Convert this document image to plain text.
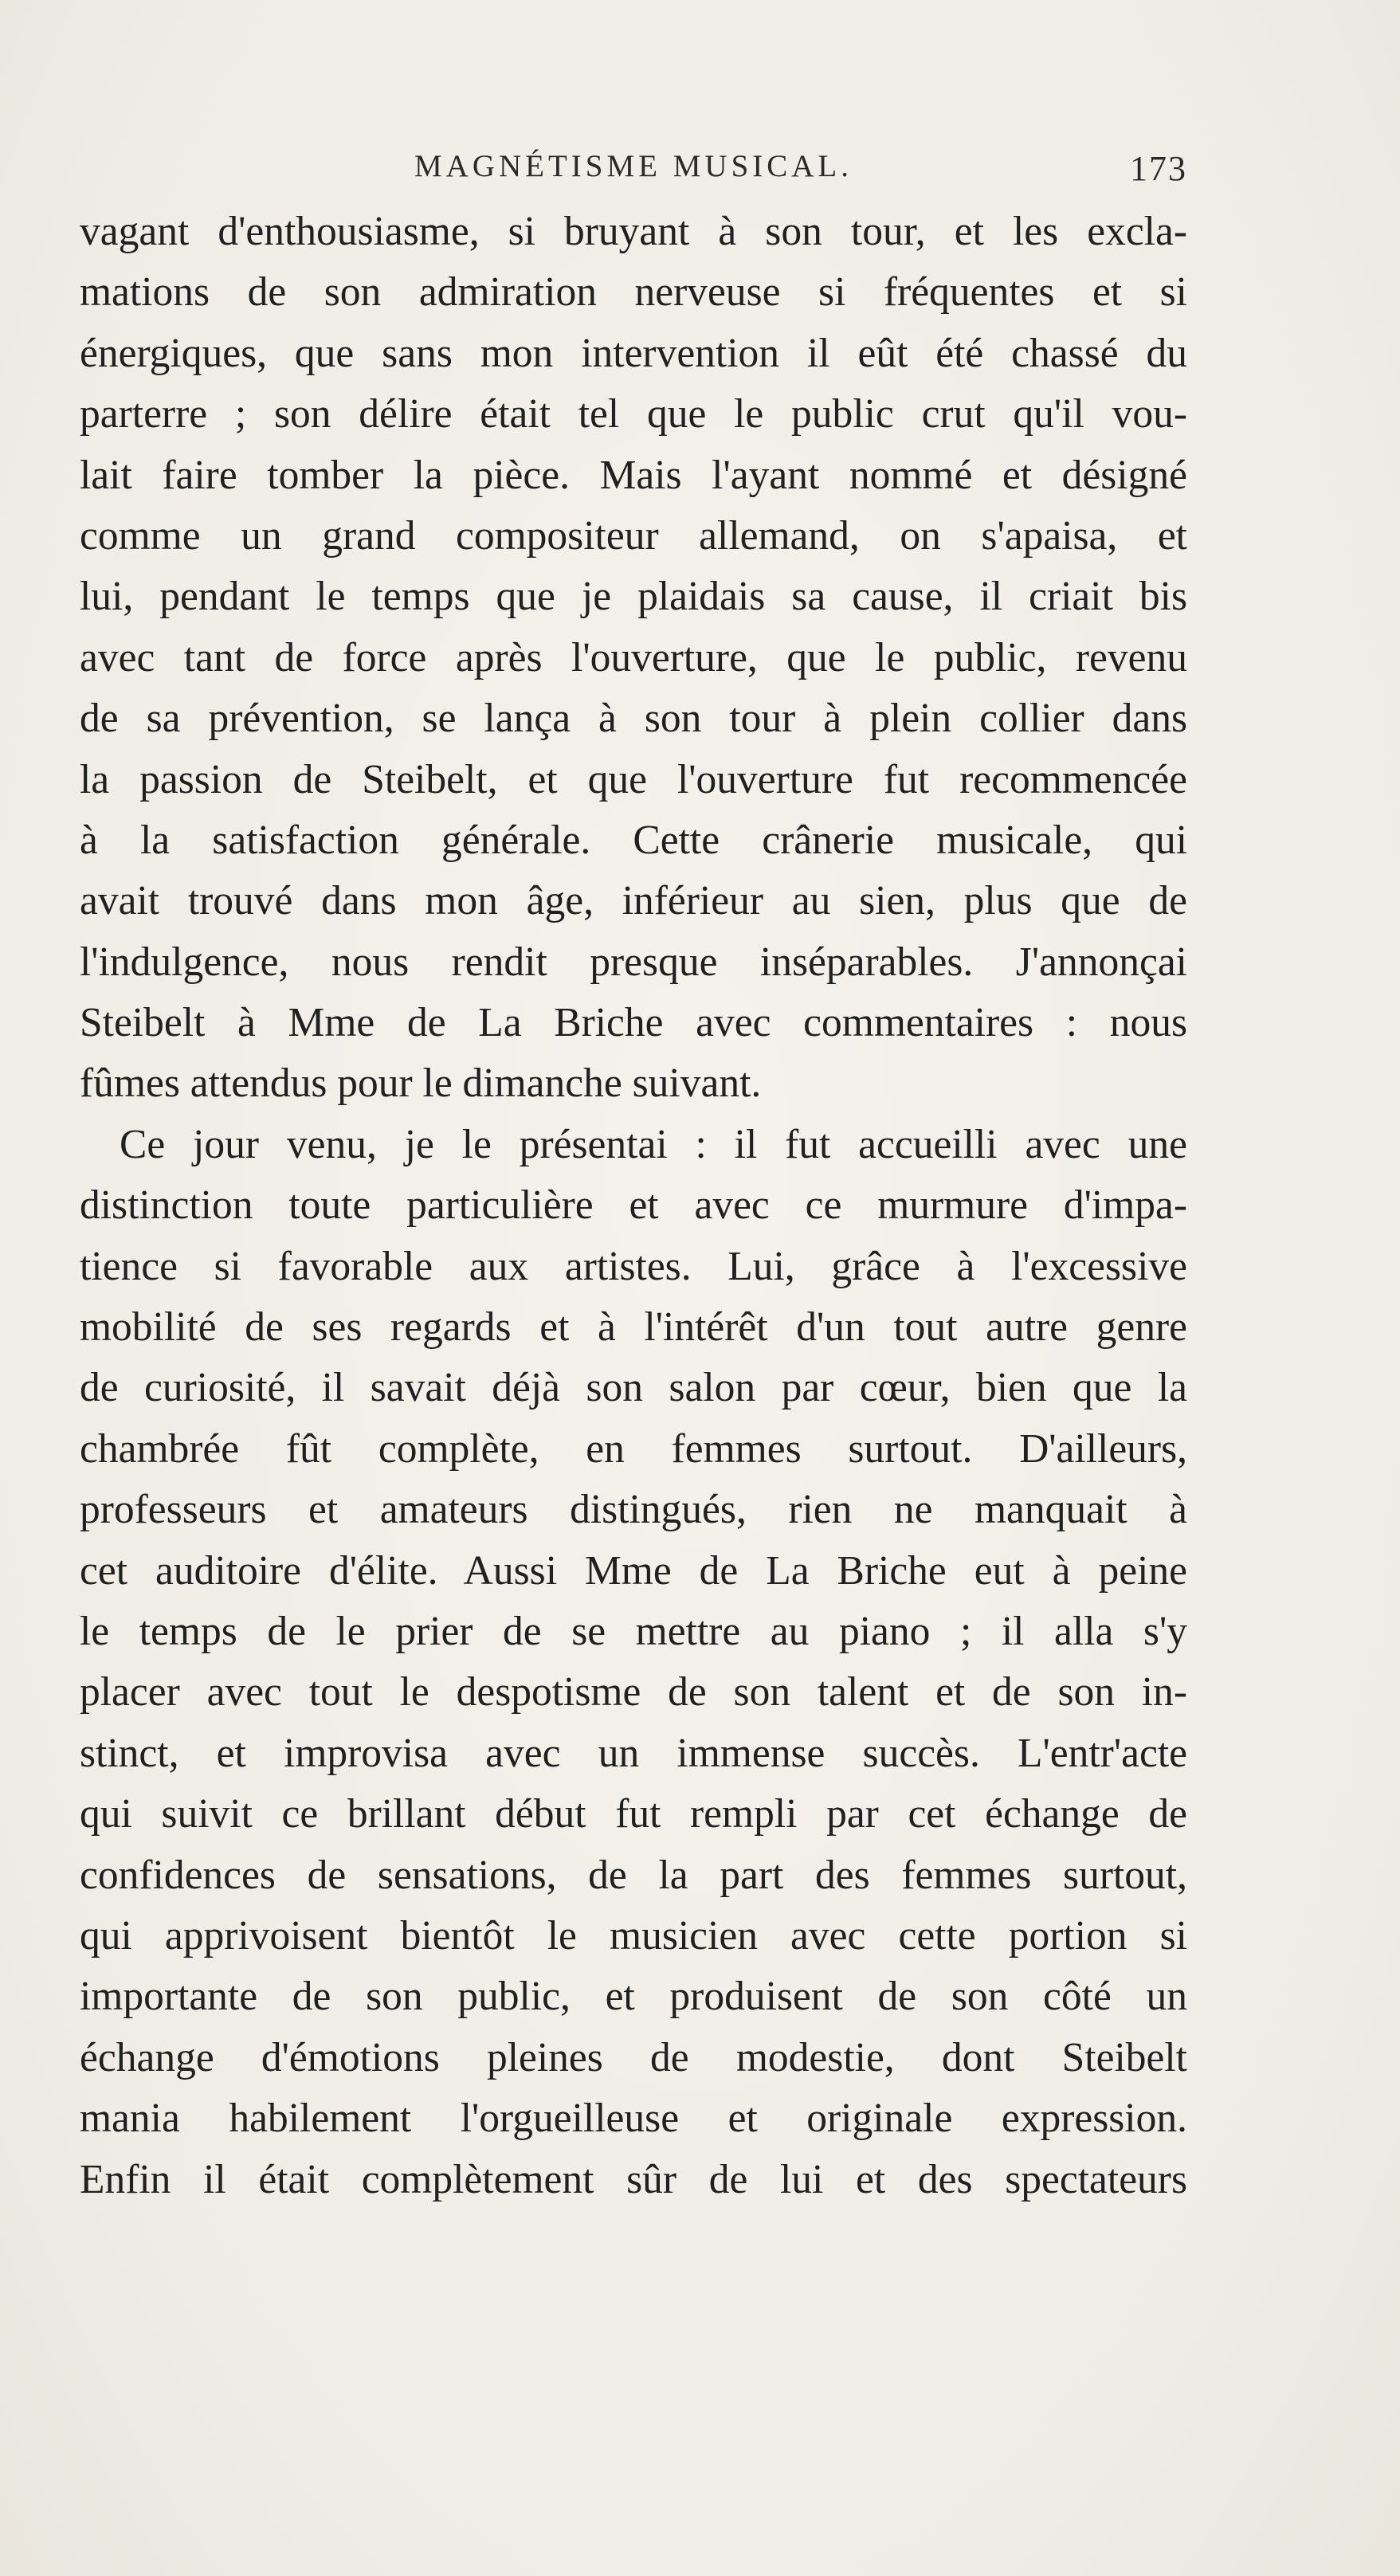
MAGNÉTISME MUSICAL.	173
vagant d'enthousiasme, si bruyant à son tour, et les excla-
mations de son admiration nerveuse si fréquentes et si
énergiques, que sans mon intervention il eût été chassé du
parterre ; son délire était tel que le public crut qu'il vou-
lait faire tomber la pièce. Mais l'ayant nommé et désigné
comme un grand compositeur allemand, on s'apaisa, et
lui, pendant le temps que je plaidais sa cause, il criait bis
avec tant de force après l'ouverture, que le public, revenu
de sa prévention, se lança à son tour à plein collier dans
la passion de Steibelt, et que l'ouverture fut recommencée
à la satisfaction générale. Cette crânerie musicale, qui
avait trouvé dans mon âge, inférieur au sien, plus que de
l'indulgence, nous rendit presque inséparables. J'annonçai
Steibelt à Mme de La Briche avec commentaires : nous
fûmes attendus pour le dimanche suivant.
Ce jour venu, je le présentai : il fut accueilli avec une
distinction toute particulière et avec ce murmure d'impa-
tience si favorable aux artistes. Lui, grâce à l'excessive
mobilité de ses regards et à l'intérêt d'un tout autre genre
de curiosité, il savait déjà son salon par cœur, bien que la
chambrée fût complète, en femmes surtout. D'ailleurs,
professeurs et amateurs distingués, rien ne manquait à
cet auditoire d'élite. Aussi Mme de La Briche eut à peine
le temps de le prier de se mettre au piano ; il alla s'y
placer avec tout le despotisme de son talent et de son in-
stinct, et improvisa avec un immense succès. L'entr'acte
qui suivit ce brillant début fut rempli par cet échange de
confidences de sensations, de la part des femmes surtout,
qui apprivoisent bientôt le musicien avec cette portion si
importante de son public, et produisent de son côté un
échange d'émotions pleines de modestie, dont Steibelt
mania habilement l'orgueilleuse et originale expression.
Enfin il était complètement sûr de lui et des spectateurs
